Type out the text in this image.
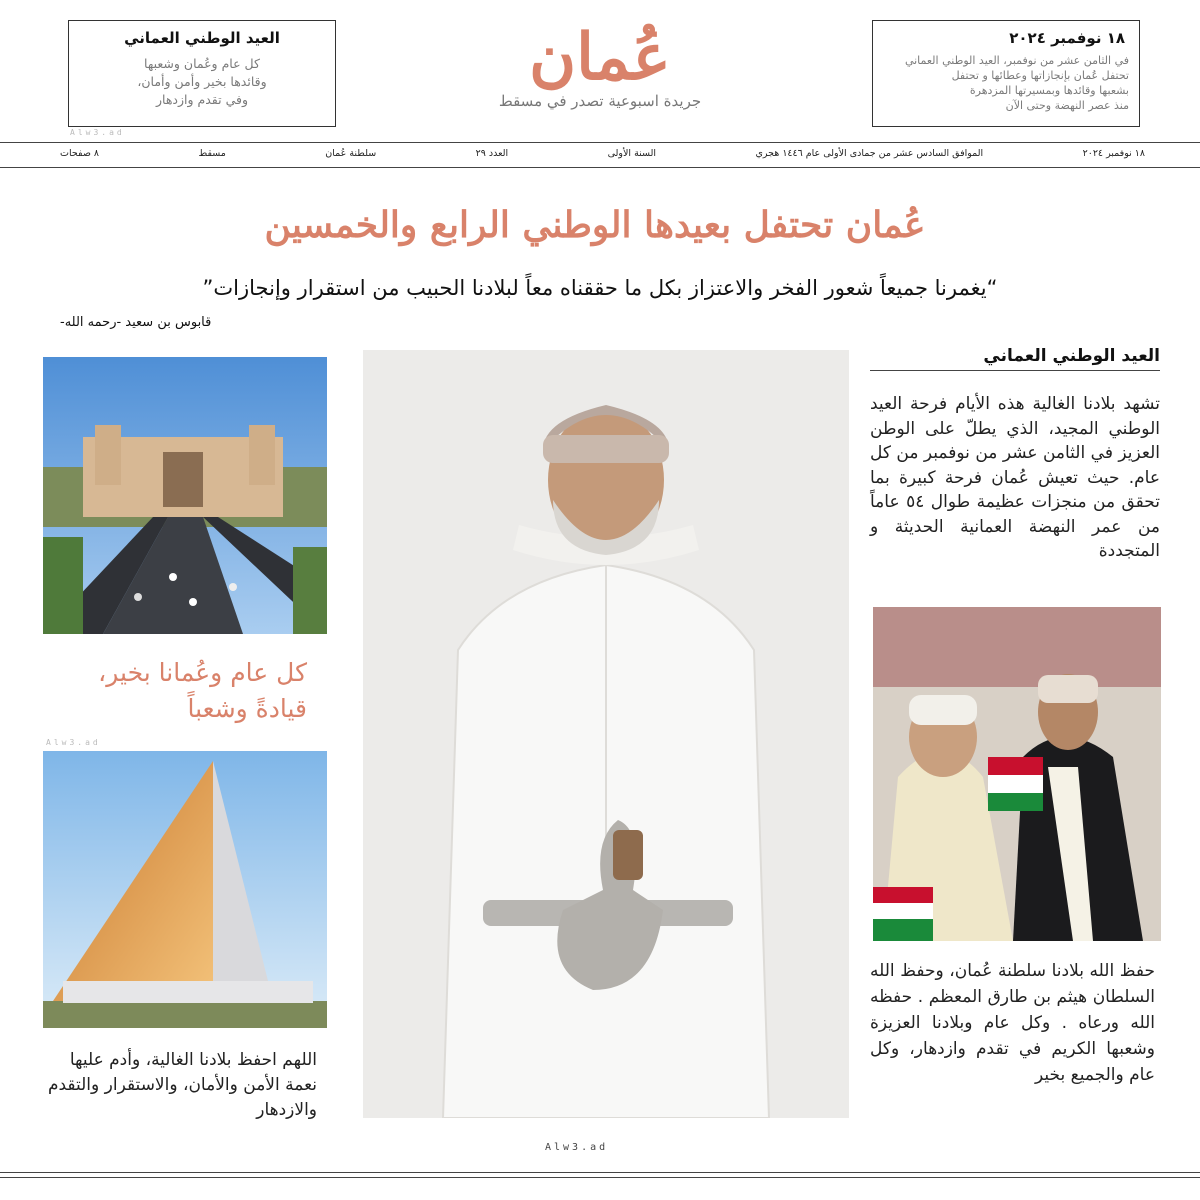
العيد الوطني العماني
كل عام وعُمان وشعبها
وقائدها بخير وأمن وأمان،
وفي تقدم وازدهار
Alw3.ad
عُمان
جريدة اسبوعية تصدر في مسقط
١٨ نوفمبر ٢٠٢٤
في الثامن عشر من نوفمبر، العيد الوطني العماني
تحتفل عُمان بإنجازاتها وعطائها و تحتفل
بشعبها وقائدها وبمسيرتها المزدهرة
منذ عصر النهضة وحتى الآن
١٨ نوفمبر ٢٠٢٤
الموافق السادس عشر من جمادى الأولى عام ١٤٤٦ هجري
السنة الأولى
العدد ٢٩
سلطنة عُمان
مسقط
٨ صفحات
عُمان تحتفل بعيدها الوطني الرابع والخمسين
“يغمرنا جميعاً شعور الفخر والاعتزاز بكل ما حققناه معاً لبلادنا الحبيب من استقرار وإنجازات”
قابوس بن سعيد -رحمه الله-
كل عام وعُمانا بخير،
قيادةً وشعباً
Alw3.ad
اللهم احفظ بلادنا الغالية، وأدم عليها نعمة الأمن والأمان، والاستقرار والتقدم والازدهار
Alw3.ad
العيد الوطني العماني
تشهد بلادنا الغالية هذه الأيام فرحة العيد الوطني المجيد، الذي يطلّ على الوطن العزيز في الثامن عشر من نوفمبر من كل عام. حيث تعيش عُمان فرحة كبيرة بما تحقق من منجزات عظيمة طوال ٥٤ عاماً من عمر النهضة العمانية الحديثة و المتجددة
حفظ الله بلادنا سلطنة عُمان، وحفظ الله السلطان هيثم بن طارق المعظم . حفظه الله ورعاه . وكل عام وبلادنا العزيزة وشعبها الكريم في تقدم وازدهار، وكل عام والجميع بخير
